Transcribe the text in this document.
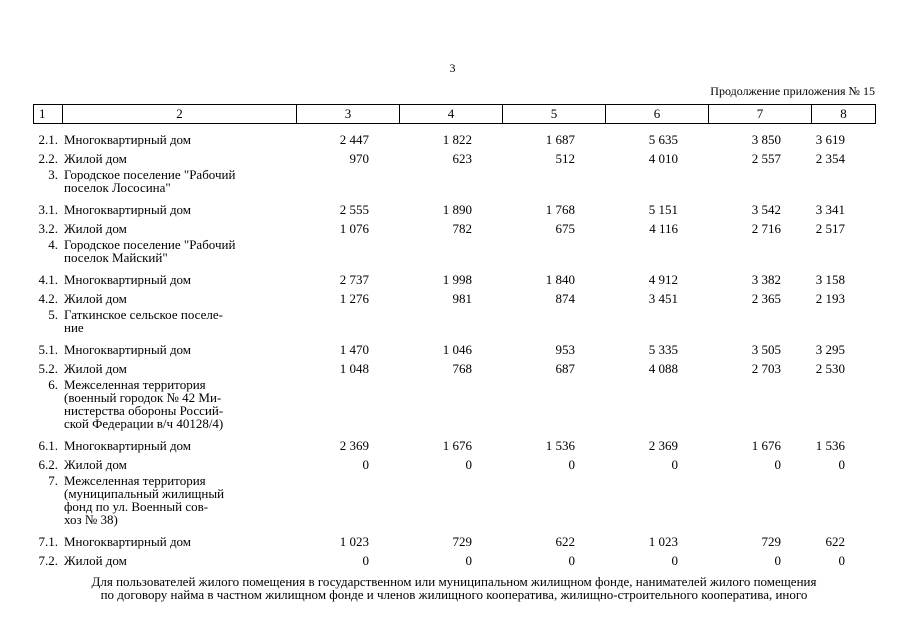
3
Продолжение приложения № 15
1	2	3	4	5	6	7	8
2.1.	Многоквартирный дом	2 447	1 822	1 687	5 635	3 850	3 619
2.2.	Жилой дом	970	623	512	4 010	2 557	2 354
3.	Городское поселение "Рабочий
поселок Лососина"						

3.1.	Многоквартирный дом	2 555	1 890	1 768	5 151	3 542	3 341
3.2.	Жилой дом	1 076	782	675	4 116	2 716	2 517
4.	Городское поселение "Рабочий
поселок Майский"						

4.1.	Многоквартирный дом	2 737	1 998	1 840	4 912	3 382	3 158
4.2.	Жилой дом	1 276	981	874	3 451	2 365	2 193
5.	Гаткинское сельское поселе-
ние						

5.1.	Многоквартирный дом	1 470	1 046	953	5 335	3 505	3 295
5.2.	Жилой дом	1 048	768	687	4 088	2 703	2 530
6.	Межселенная территория
(военный городок № 42 Ми-
нистерства обороны Россий-
ской Федерации в/ч 40128/4)						

6.1.	Многоквартирный дом	2 369	1 676	1 536	2 369	1 676	1 536
6.2.	Жилой дом	0	0	0	0	0	0
7.	Межселенная территория
(муниципальный жилищный
фонд по ул. Военный сов-
хоз № 38)						

7.1.	Многоквартирный дом	1 023	729	622	1 023	729	622
7.2.	Жилой дом	0	0	0	0	0	0
Для пользователей жилого помещения в государственном или муниципальном жилищном фонде, нанимателей жилого помещения
по договору найма в частном жилищном фонде и членов жилищного кооператива, жилищно-строительного кооператива, иного
